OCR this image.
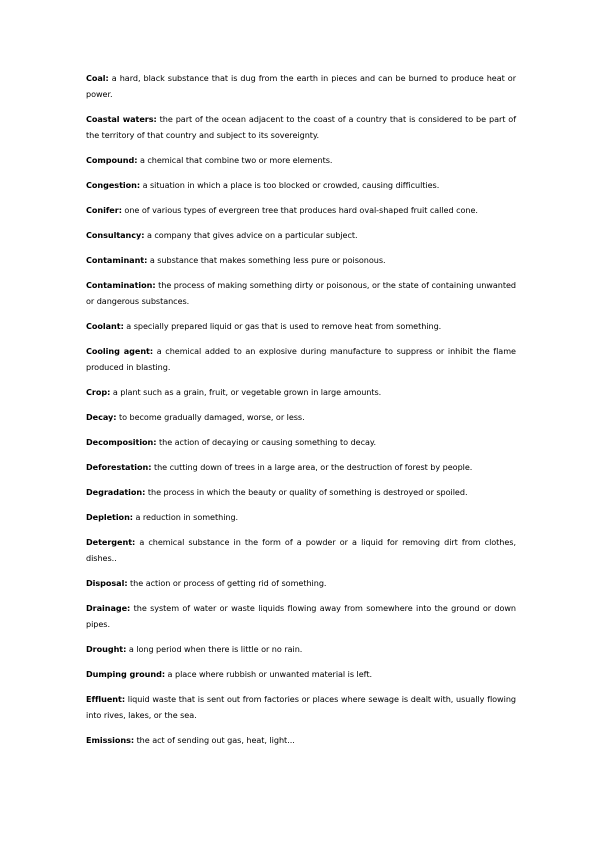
Coal: a hard, black substance that is dug from the earth in pieces and can be burned to produce heat or power.

Coastal waters: the part of the ocean adjacent to the coast of a country that is considered to be part of the territory of that country and subject to its sovereignty.

Compound: a chemical that combine two or more elements.

Congestion: a situation in which a place is too blocked or crowded, causing difficulties.

Conifer: one of various types of evergreen tree that produces hard oval-shaped fruit called cone.

Consultancy: a company that gives advice on a particular subject.

Contaminant: a substance that makes something less pure or poisonous.

Contamination: the process of making something dirty or poisonous, or the state of containing unwanted or dangerous substances.

Coolant: a specially prepared liquid or gas that is used to remove heat from something.

Cooling agent: a chemical added to an explosive during manufacture to suppress or inhibit the flame produced in blasting.

Crop: a plant such as a grain, fruit, or vegetable grown in large amounts.

Decay: to become gradually damaged, worse, or less.

Decomposition: the action of decaying or causing something to decay.

Deforestation: the cutting down of trees in a large area, or the destruction of forest by people.

Degradation: the process in which the beauty or quality of something is destroyed or spoiled.

Depletion: a reduction in something.

Detergent: a chemical substance in the form of a powder or a liquid for removing dirt from clothes, dishes..

Disposal: the action or process of getting rid of something.

Drainage: the system of water or waste liquids flowing away from somewhere into the ground or down pipes.

Drought: a long period when there is little or no rain.

Dumping ground: a place where rubbish or unwanted material is left.

Effluent: liquid waste that is sent out from factories or places where sewage is dealt with, usually flowing into rives, lakes, or the sea.

Emissions: the act of sending out gas, heat, light...
